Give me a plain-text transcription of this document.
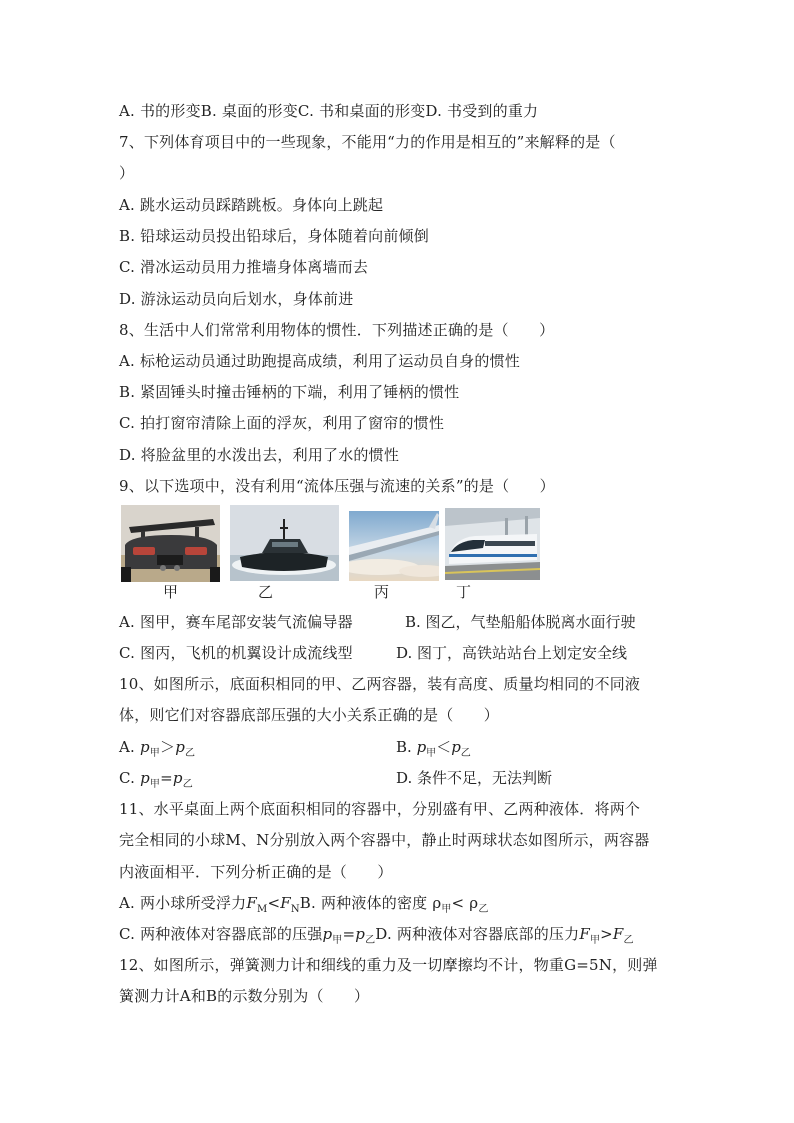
A. 书的形变B. 桌面的形变C. 书和桌面的形变D. 书受到的重力
7、下列体育项目中的一些现象，不能用“力的作用是相互的”来解释的是（
）
A. 跳水运动员踩踏跳板。身体向上跳起
B. 铅球运动员投出铅球后，身体随着向前倾倒
C. 滑冰运动员用力推墙身体离墙而去
D. 游泳运动员向后划水，身体前进
8、生活中人们常常利用物体的惯性．下列描述正确的是（　　）
A. 标枪运动员通过助跑提高成绩，利用了运动员自身的惯性
B. 紧固锤头时撞击锤柄的下端，利用了锤柄的惯性
C. 拍打窗帘清除上面的浮灰，利用了窗帘的惯性
D. 将脸盆里的水泼出去，利用了水的惯性
9、以下选项中，没有利用“流体压强与流速的关系”的是（　　）
甲	乙	丙	丁
A. 图甲，赛车尾部安装气流偏导器	B. 图乙，气垫船船体脱离水面行驶
C. 图丙，飞机的机翼设计成流线型	D. 图丁，高铁站站台上划定安全线
10、如图所示，底面积相同的甲、乙两容器，装有高度、质量均相同的不同液
体，则它们对容器底部压强的大小关系正确的是（　　）
A. $p_甲>p_乙$	B. $p_甲<p_乙$
C. $p_甲=p_乙$	D. 条件不足，无法判断
11、水平桌面上两个底面积相同的容器中，分别盛有甲、乙两种液体．将两个
完全相同的小球M、N分别放入两个容器中，静止时两球状态如图所示，两容器
内液面相平．下列分析正确的是（　　）
A. 两小球所受浮力$F_M<F_NB$. 两种液体的密度 $\rho_甲< \rho_乙$
C. 两种液体对容器底部的压强$p_甲=p_乙D$. 两种液体对容器底部的压力$F_甲>F_乙$
12、如图所示，弹簧测力计和细线的重力及一切摩擦均不计，物重G=5N，则弹
簧测力计A和B的示数分别为（　　）
